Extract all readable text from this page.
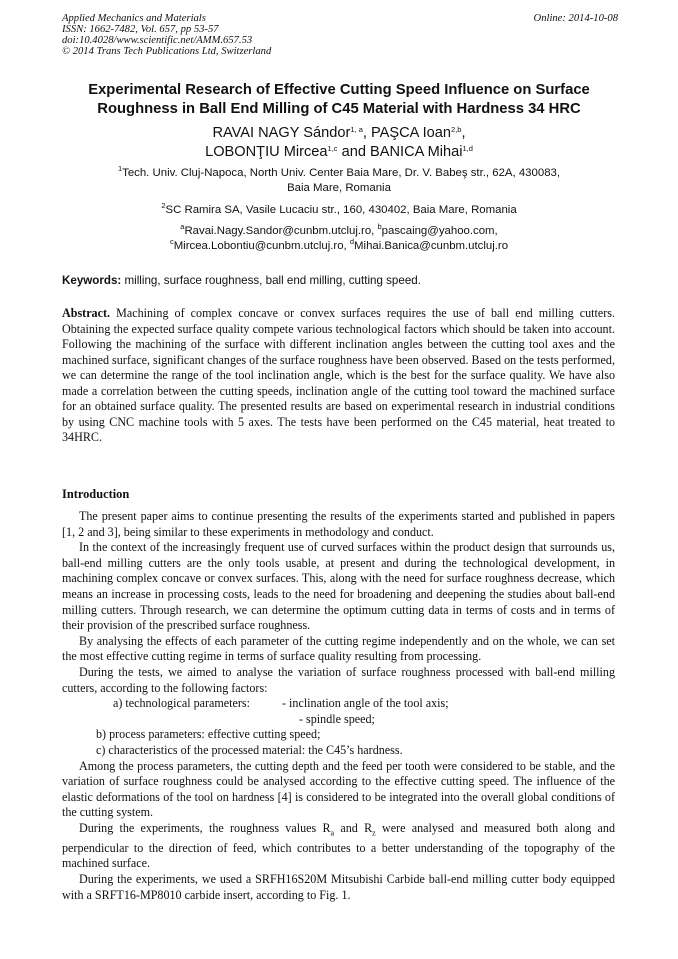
Applied Mechanics and Materials
ISSN: 1662-7482, Vol. 657, pp 53-57
doi:10.4028/www.scientific.net/AMM.657.53
© 2014 Trans Tech Publications Ltd, Switzerland
Online: 2014-10-08
Experimental Research of Effective Cutting Speed Influence on Surface
Roughness in Ball End Milling of C45 Material with Hardness 34 HRC
RAVAI NAGY Sándor$^{1, a}$, PAŞCA Ioan$^{2,b}$,
LOBONŢIU Mircea$^{1,c}$ and BANICA Mihai$^{1,d}$
$^1$Tech. Univ. Cluj-Napoca, North Univ. Center Baia Mare, Dr. V. Babeş str., 62A, 430083,
Baia Mare, Romania
$^2$SC Ramira SA, Vasile Lucaciu str., 160, 430402, Baia Mare, Romania
$^a$Ravai.Nagy.Sandor@cunbm.utcluj.ro, $^b$pascaing@yahoo.com,
$^c$Mircea.Lobontiu@cunbm.utcluj.ro, $^d$Mihai.Banica@cunbm.utcluj.ro
Keywords: milling, surface roughness, ball end milling, cutting speed.
Abstract. Machining of complex concave or convex surfaces requires the use of ball end milling cutters. Obtaining the expected surface quality compete various technological factors which should be taken into account. Following the machining of the surface with different inclination angles between the cutting tool axes and the machined surface, significant changes of the surface roughness have been observed. Based on the tests performed, we can determine the range of the tool inclination angle, which is the best for the surface quality. We have also made a correlation between the cutting speeds, inclination angle of the cutting tool toward the machined surface for an obtained surface quality. The presented results are based on experimental research in industrial conditions by using CNC machine tools with 5 axes. The tests have been performed on the C45 material, heat treated to 34HRC.
Introduction

The present paper aims to continue presenting the results of the experiments started and published in papers [1, 2 and 3], being similar to these experiments in methodology and conduct.

In the context of the increasingly frequent use of curved surfaces within the product design that surrounds us, ball-end milling cutters are the only tools usable, at present and during the technological development, in machining complex concave or convex surfaces. This, along with the need for surface roughness decrease, which means an increase in processing costs, leads to the need for broadening and deepening the studies about ball-end milling cutters. Through research, we can determine the optimum cutting data in terms of costs and in terms of their provision of the prescribed surface roughness.

By analysing the effects of each parameter of the cutting regime independently and on the whole, we can set the most effective cutting regime in terms of surface quality resulting from processing.

During the tests, we aimed to analyse the variation of surface roughness processed with ball-end milling cutters, according to the following factors:

a) technological parameters:	- inclination angle of the tool axis;

- spindle speed;

b) process parameters: effective cutting speed;

c) characteristics of the processed material: the C45’s hardness.

Among the process parameters, the cutting depth and the feed per tooth were considered to be stable, and the variation of surface roughness could be analysed according to the effective cutting speed. The influence of the elastic deformations of the tool on hardness [4] is considered to be integrated into the overall global conditions of the cutting system.

During the experiments, the roughness values $R_a$ and $R_z$ were analysed and measured both along and perpendicular to the direction of feed, which contributes to a better understanding of the topography of the machined surface.

During the experiments, we used a SRFH16S20M Mitsubishi Carbide ball-end milling cutter body equipped with a SRFT16-MP8010 carbide insert, according to Fig. 1.
